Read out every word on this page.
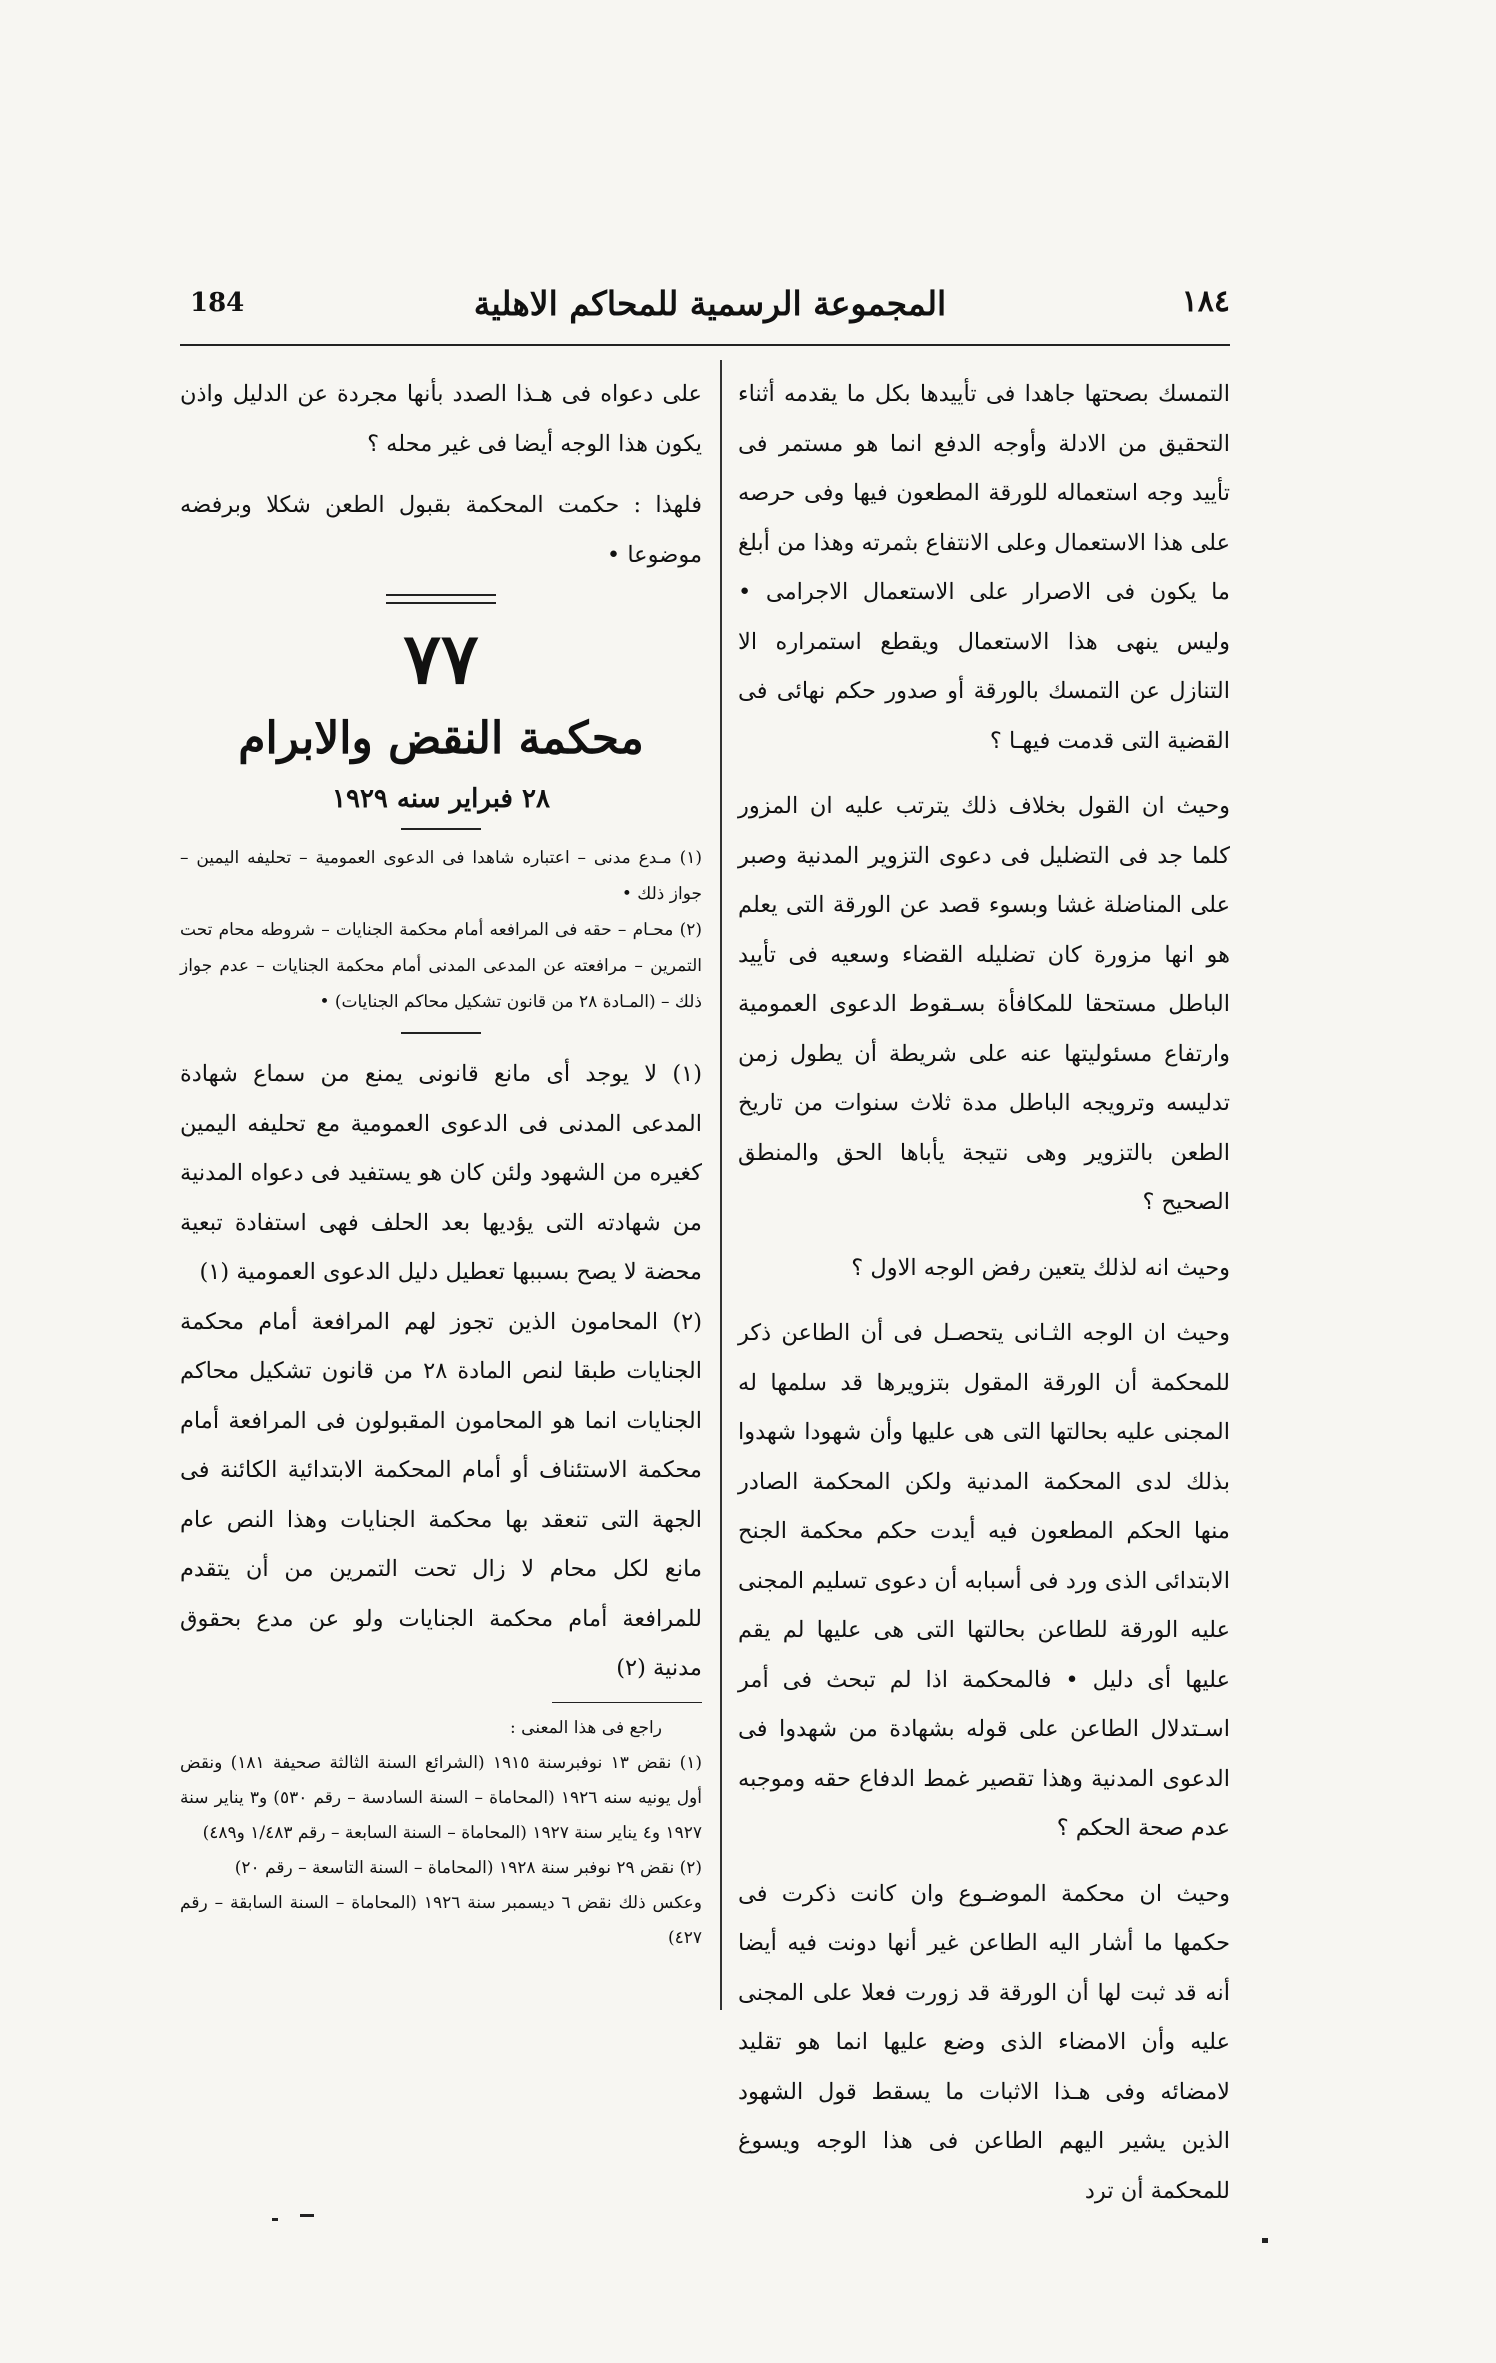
184	المجموعة الرسمية للمحاكم الاهلية	١٨٤

التمسك بصحتها جاهدا فى تأييدها بكل ما يقدمه أثناء التحقيق من الادلة وأوجه الدفع انما هو مستمر فى تأييد وجه استعماله للورقة المطعون فيها وفى حرصه على هذا الاستعمال وعلى الانتفاع بثمرته وهذا من أبلغ ما يكون فى الاصرار على الاستعمال الاجرامى • وليس ينهى هذا الاستعمال ويقطع استمراره الا التنازل عن التمسك بالورقة أو صدور حكم نهائى فى القضية التى قدمت فيهـا ؟

وحيث ان القول بخلاف ذلك يترتب عليه ان المزور كلما جد فى التضليل فى دعوى التزوير المدنية وصبر على المناضلة غشا وبسوء قصد عن الورقة التى يعلم هو انها مزورة كان تضليله القضاء وسعيه فى تأييد الباطل مستحقا للمكافأة بسـقوط الدعوى العمومية وارتفاع مسئوليتها عنه على شريطة أن يطول زمن تدليسه وترويجه الباطل مدة ثلاث سنوات من تاريخ الطعن بالتزوير وهى نتيجة يأباها الحق والمنطق الصحيح ؟

وحيث انه لذلك يتعين رفض الوجه الاول ؟

وحيث ان الوجه الثـانى يتحصـل فى أن الطاعن ذكر للمحكمة أن الورقة المقول بتزويرها قد سلمها له المجنى عليه بحالتها التى هى عليها وأن شهودا شهدوا بذلك لدى المحكمة المدنية ولكن المحكمة الصادر منها الحكم المطعون فيه أيدت حكم محكمة الجنح الابتدائى الذى ورد فى أسبابه أن دعوى تسليم المجنى عليه الورقة للطاعن بحالتها التى هى عليها لم يقم عليها أى دليل • فالمحكمة اذا لم تبحث فى أمر اسـتدلال الطاعن على قوله بشهادة من شهدوا فى الدعوى المدنية وهذا تقصير غمط الدفاع حقه وموجبه عدم صحة الحكم ؟

وحيث ان محكمة الموضـوع وان كانت ذكرت فى حكمها ما أشار اليه الطاعن غير أنها دونت فيه أيضا أنه قد ثبت لها أن الورقة قد زورت فعلا على المجنى عليه وأن الامضاء الذى وضع عليها انما هو تقليد لامضائه وفى هـذا الاثبات ما يسقط قول الشهود الذين يشير اليهم الطاعن فى هذا الوجه ويسوغ للمحكمة أن ترد

على دعواه فى هـذا الصدد بأنها مجردة عن الدليل واذن يكون هذا الوجه أيضا فى غير محله ؟

فلهذا : حكمت المحكمة بقبول الطعن شكلا وبرفضه موضوعا •

٧٧
محكمة النقض والابرام
٢٨ فبراير سنه ١٩٢٩

(١) مـدع مدنى – اعتباره شاهدا فى الدعوى العمومية – تحليفه اليمين – جواز ذلك •

(٢) محـام – حقه فى المرافعه أمام محكمة الجنايات – شروطه محام تحت التمرين – مرافعته عن المدعى المدنى أمام محكمة الجنايات – عدم جواز ذلك – (المـادة ٢٨ من قانون تشكيل محاكم الجنايات) •

(١) لا يوجد أى مانع قانونى يمنع من سماع شهادة المدعى المدنى فى الدعوى العمومية مع تحليفه اليمين كغيره من الشهود ولئن كان هو يستفيد فى دعواه المدنية من شهادته التى يؤديها بعد الحلف فهى استفادة تبعية محضة لا يصح بسببها تعطيل دليل الدعوى العمومية (١)

(٢) المحامون الذين تجوز لهم المرافعة أمام محكمة الجنايات طبقا لنص المادة ٢٨ من قانون تشكيل محاكم الجنايات انما هو المحامون المقبولون فى المرافعة أمام محكمة الاستئناف أو أمام المحكمة الابتدائية الكائنة فى الجهة التى تنعقد بها محكمة الجنايات وهذا النص عام مانع لكل محام لا زال تحت التمرين من أن يتقدم للمرافعة أمام محكمة الجنايات ولو عن مدع بحقوق مدنية (٢)

راجع فى هذا المعنى :

(١) نقض ١٣ نوفبرسنة ١٩١٥ (الشرائع السنة الثالثة صحيفة ١٨١) ونقض أول يونيه سنه ١٩٢٦ (المحاماة – السنة السادسة – رقم ٥٣٠) و٣ يناير سنة ١٩٢٧ و٤ يناير سنة ١٩٢٧ (المحاماة – السنة السابعة – رقم ١/٤٨٣ و٤٨٩)

(٢) نقض ٢٩ نوفبر سنة ١٩٢٨ (المحاماة – السنة التاسعة – رقم ٢٠)

وعكس ذلك نقض ٦ ديسمبر سنة ١٩٢٦ (المحاماة – السنة السابقة – رقم ٤٢٧)
